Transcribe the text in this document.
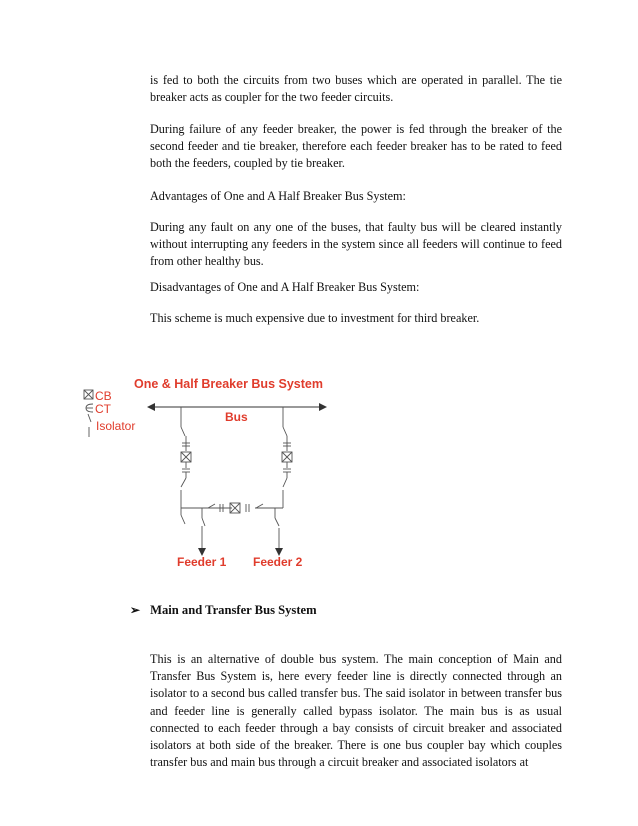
is fed to both the circuits from two buses which are operated in parallel. The tie breaker acts as coupler for the two feeder circuits.

During failure of any feeder breaker, the power is fed through the breaker of the second feeder and tie breaker, therefore each feeder breaker has to be rated to feed both the feeders, coupled by tie breaker.

Advantages of One and A Half Breaker Bus System:

During any fault on any one of the buses, that faulty bus will be cleared instantly without interrupting any feeders in the system since all feeders will continue to feed from other healthy bus.

Disadvantages of One and A Half Breaker Bus System:

This scheme is much expensive due to investment for third breaker.

One & Half Breaker Bus System
CB
CT
Isolator
Bus
Feeder 1 Feeder 2
➢ Main and Transfer Bus System

This is an alternative of double bus system. The main conception of Main and Transfer Bus System is, here every feeder line is directly connected through an isolator to a second bus called transfer bus. The said isolator in between transfer bus and feeder line is generally called bypass isolator. The main bus is as usual connected to each feeder through a bay consists of circuit breaker and associated isolators at both side of the breaker. There is one bus coupler bay which couples transfer bus and main bus through a circuit breaker and associated isolators at
